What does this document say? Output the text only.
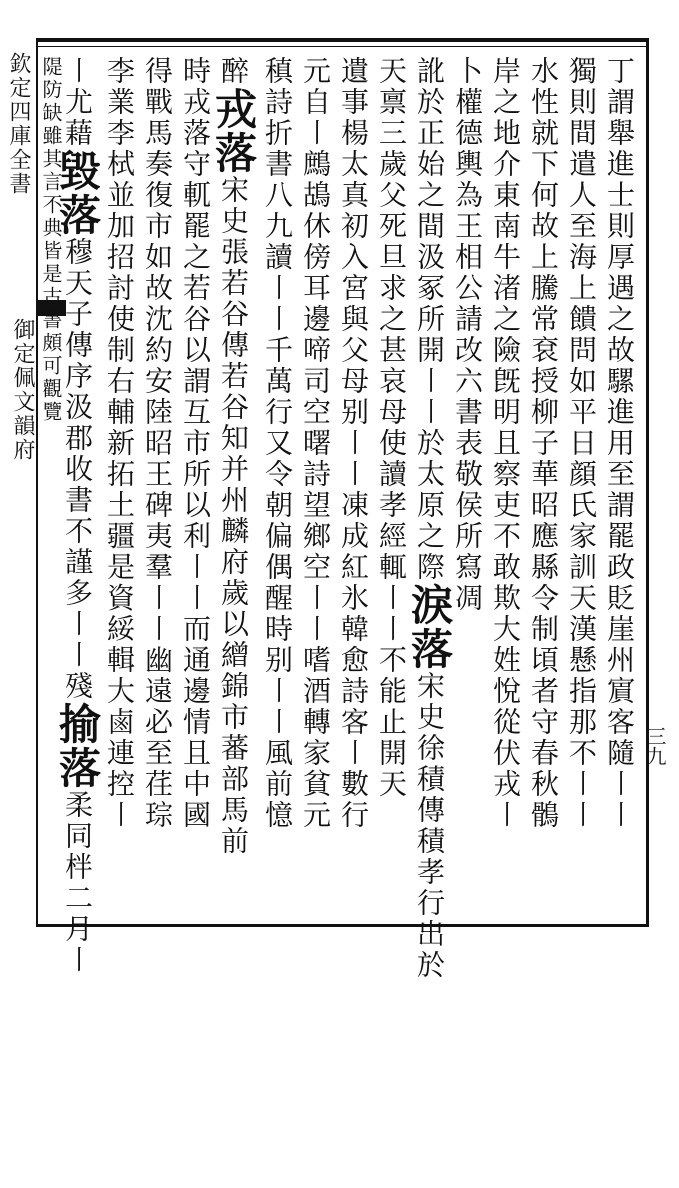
欽定四庫全書
御定佩文韻府
三九
丁謂舉進士則厚遇之故騾進用至謂罷政貶崖州賔客隨〡〡
獨則間遣人至海上饋問如平日顔氏家訓天漢懸指那不〡〡
水性就下何故上騰常袞授柳子華昭應縣令制頃者守春秋鶻
岸之地介東南牛渚之險旣明且察吏不敢欺大姓悅從伏戎〡
卜權德輿為王相公請改六書表敬侯所寫凋
訛於正始之間汲冢所開〡〡於太原之際淚落宋史徐積傳積孝行出於
天禀三歲父死旦求之甚哀母使讀孝經輒〡〡不能止開天
遺事楊太真初入宮與父母别〡〡凍成紅氷韓愈詩客〡數行
元自〡鷓鴣休傍耳邊啼司空曙詩望鄉空〡〡嗜酒轉家貧元
稹詩折書八九讀〡〡千萬行又令朝偏偶醒時别〡〡風前憶
醉戎落宋史張若谷傳若谷知并州麟府歲以繒錦市蕃部馬前
時戎落守軏罷之若谷以謂互市所以利〡〡而通邊情且中國
得戰馬奏復市如故沈約安陸昭王碑夷羣〡〡幽遠必至荏琮
李業李栻並加招討使制右輔新拓土疆是資綏輯大鹵連控〡
〡尤藉毀落穆天子傳序汲郡收書不謹多〡〡殘揄落柔同柈二月〡
隄防缺雖其言不典皆是古書頗可觀覽
